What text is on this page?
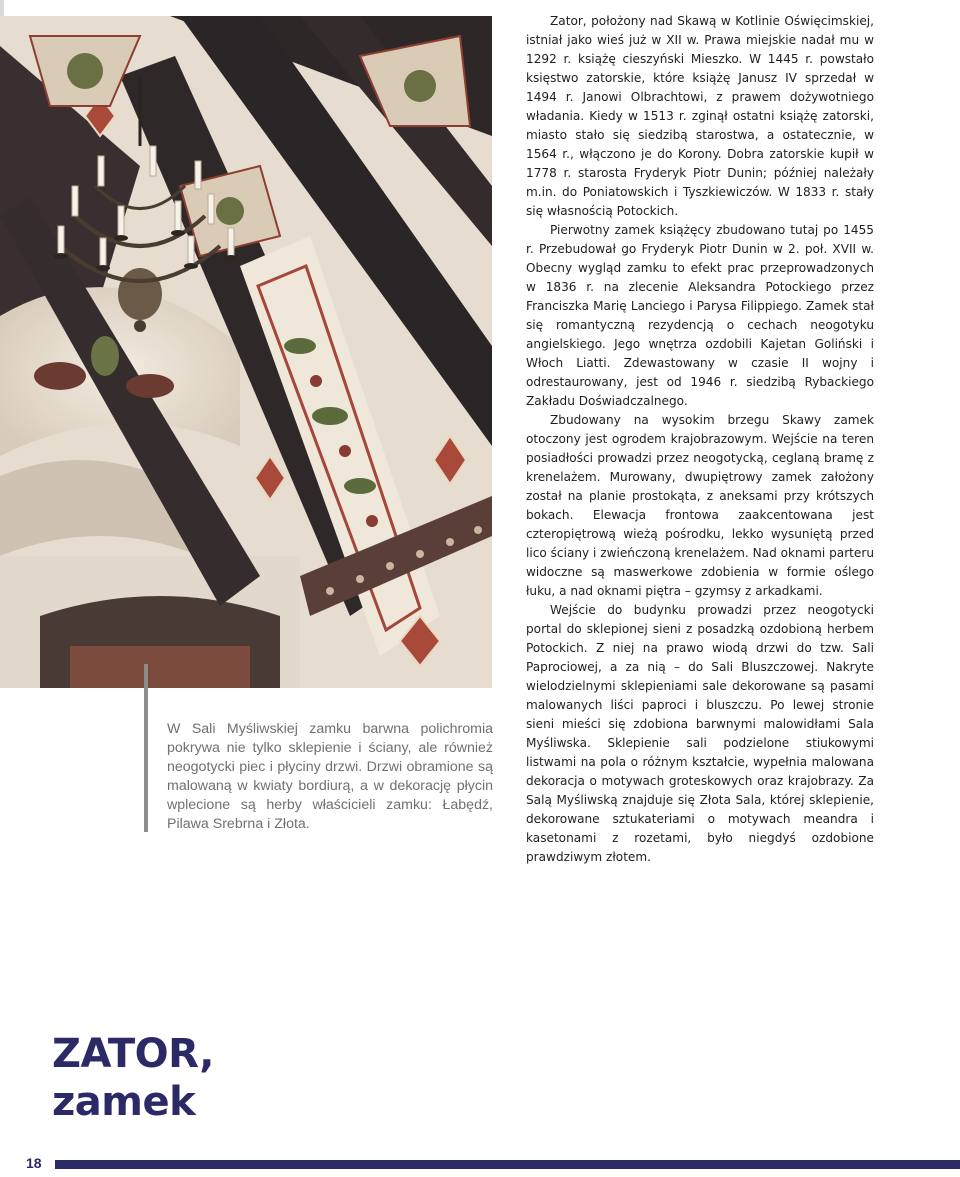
W Sali Myśliwskiej zamku barwna polichromia pokrywa nie tylko sklepienie i ściany, ale również neogotycki piec i płyciny drzwi. Drzwi obramione są malowaną w kwiaty bordiurą, a w dekorację płycin wplecione są herby właścicieli zamku: Łabędź, Pilawa Srebrna i Złota.

Zator, położony nad Skawą w Kotlinie Oświęcimskiej, istniał jako wieś już w XII w. Prawa miejskie nadał mu w 1292 r. książę cieszyński Mieszko. W 1445 r. powstało księstwo zatorskie, które książę Janusz IV sprzedał w 1494 r. Janowi Olbrachtowi, z prawem dożywotniego władania. Kiedy w 1513 r. zginął ostatni książę zatorski, miasto stało się siedzibą starostwa, a ostatecznie, w 1564 r., włączono je do Korony. Dobra zatorskie kupił w 1778 r. starosta Fryderyk Piotr Dunin; później należały m.in. do Poniatowskich i Tyszkiewiczów. W 1833 r. stały się własnością Potockich.

Pierwotny zamek książęcy zbudowano tutaj po 1455 r. Przebudował go Fryderyk Piotr Dunin w 2. poł. XVII w. Obecny wygląd zamku to efekt prac przeprowadzonych w 1836 r. na zlecenie Aleksandra Potockiego przez Franciszka Marię Lanciego i Parysa Filippiego. Zamek stał się romantyczną rezydencją o cechach neogotyku angielskiego. Jego wnętrza ozdobili Kajetan Goliński i Włoch Liatti. Zdewastowany w czasie II wojny i odrestaurowany, jest od 1946 r. siedzibą Rybackiego Zakładu Doświadczalnego.

Zbudowany na wysokim brzegu Skawy zamek otoczony jest ogrodem krajobrazowym. Wejście na teren posiadłości prowadzi przez neogotycką, ceglaną bramę z krenelażem. Murowany, dwupiętrowy zamek założony został na planie prostokąta, z aneksami przy krótszych bokach. Elewacja frontowa zaakcentowana jest czteropiętrową wieżą pośrodku, lekko wysuniętą przed lico ściany i zwieńczoną krenelażem. Nad oknami parteru widoczne są maswerkowe zdobienia w formie oślego łuku, a nad oknami piętra – gzymsy z arkadkami.

Wejście do budynku prowadzi przez neogotycki portal do sklepionej sieni z posadzką ozdobioną herbem Potockich. Z niej na prawo wiodą drzwi do tzw. Sali Paprociowej, a za nią – do Sali Bluszczowej. Nakryte wielodzielnymi sklepieniami sale dekorowane są pasami malowanych liści paproci i bluszczu. Po lewej stronie sieni mieści się zdobiona barwnymi malowidłami Sala Myśliwska. Sklepienie sali podzielone stiukowymi listwami na pola o różnym kształcie, wypełnia malowana dekoracja o motywach groteskowych oraz krajobrazy. Za Salą Myśliwską znajduje się Złota Sala, której sklepienie, dekorowane sztukateriami o motywach meandra i kasetonami z rozetami, było niegdyś ozdobione prawdziwym złotem.

ZATOR,
zamek
18
